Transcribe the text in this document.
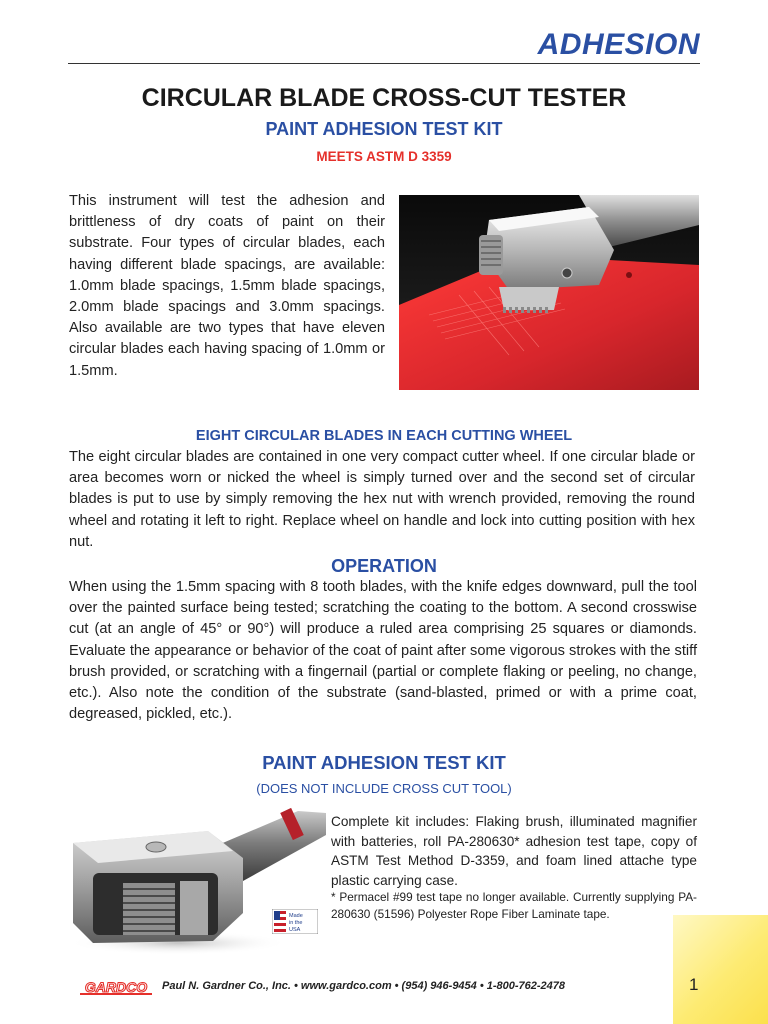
ADHESION
CIRCULAR BLADE CROSS-CUT TESTER
PAINT ADHESION TEST KIT
MEETS ASTM D 3359
This instrument will test the adhesion and brittleness of dry coats of paint on their substrate. Four types of circular blades, each having different blade spacings, are available: 1.0mm blade spacings, 1.5mm blade spacings, 2.0mm blade spacings and 3.0mm spacings. Also available are two types that have eleven circular blades each having spacing of 1.0mm or 1.5mm.
EIGHT CIRCULAR BLADES IN EACH CUTTING WHEEL
The eight circular blades are contained in one very compact cutter wheel. If one circular blade or area becomes worn or nicked the wheel is simply turned over and the second set of circular blades is put to use by simply removing the hex nut with wrench provided, removing the round wheel and rotating it left to right. Replace wheel on handle and lock into cutting position with hex nut.
OPERATION
When using the 1.5mm spacing with 8 tooth blades, with the knife edges downward, pull the tool over the painted surface being tested; scratching the coating to the bottom. A second crosswise cut (at an angle of 45° or 90°) will produce a ruled area comprising 25 squares or diamonds. Evaluate the appearance or behavior of the coat of paint after some vigorous strokes with the stiff brush provided, or scratching with a fingernail (partial or complete flaking or peeling, no change, etc.). Also note the condition of the substrate (sand-blasted, primed or with a prime coat, degreased, pickled, etc.).
PAINT ADHESION TEST KIT
(DOES NOT INCLUDE CROSS CUT TOOL)
Complete kit includes: Flaking brush, illuminated magnifier with batteries, roll PA-280630* adhesion test tape, copy of ASTM Test Method D-3359, and foam lined attache type plastic carrying case.
* Permacel #99 test tape no longer available. Currently supplying PA-280630 (51596) Polyester Rope Fiber Laminate tape.
Made
in the
USA
GARDCO Paul N. Gardner Co., Inc. • www.gardco.com • (954) 946-9454 • 1-800-762-2478	1
